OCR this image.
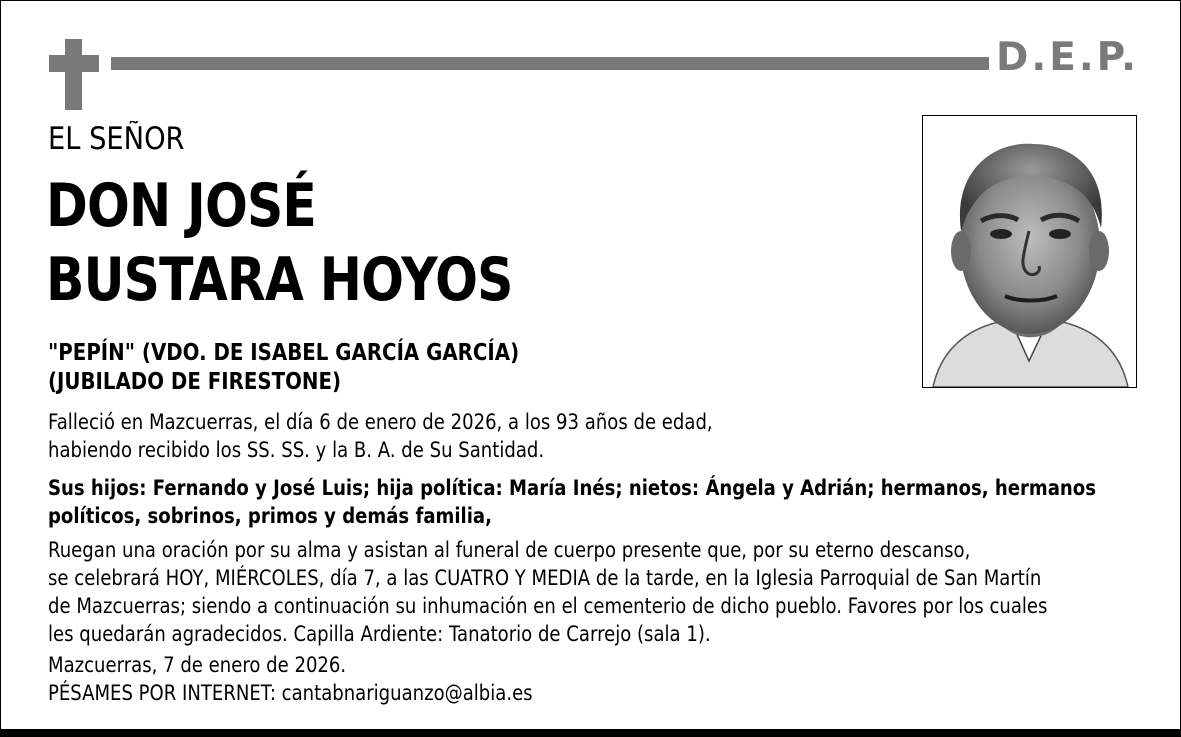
D.E.P.
EL SEÑOR
DON JOSÉ
BUSTARA HOYOS
"PEPÍN" (VDO. DE ISABEL GARCÍA GARCÍA)
(JUBILADO DE FIRESTONE)
Falleció en Mazcuerras, el día 6 de enero de 2026, a los 93 años de edad,
habiendo recibido los SS. SS. y la B. A. de Su Santidad.
Sus hijos: Fernando y José Luis; hija política: María Inés; nietos: Ángela y Adrián; hermanos, hermanos
políticos, sobrinos, primos y demás familia,
Ruegan una oración por su alma y asistan al funeral de cuerpo presente que, por su eterno descanso,
se celebrará HOY, MIÉRCOLES, día 7, a las CUATRO Y MEDIA de la tarde, en la Iglesia Parroquial de San Martín
de Mazcuerras; siendo a continuación su inhumación en el cementerio de dicho pueblo. Favores por los cuales
les quedarán agradecidos. Capilla Ardiente: Tanatorio de Carrejo (sala 1).
Mazcuerras, 7 de enero de 2026.
PÉSAMES POR INTERNET: cantabnariguanzo@albia.es
